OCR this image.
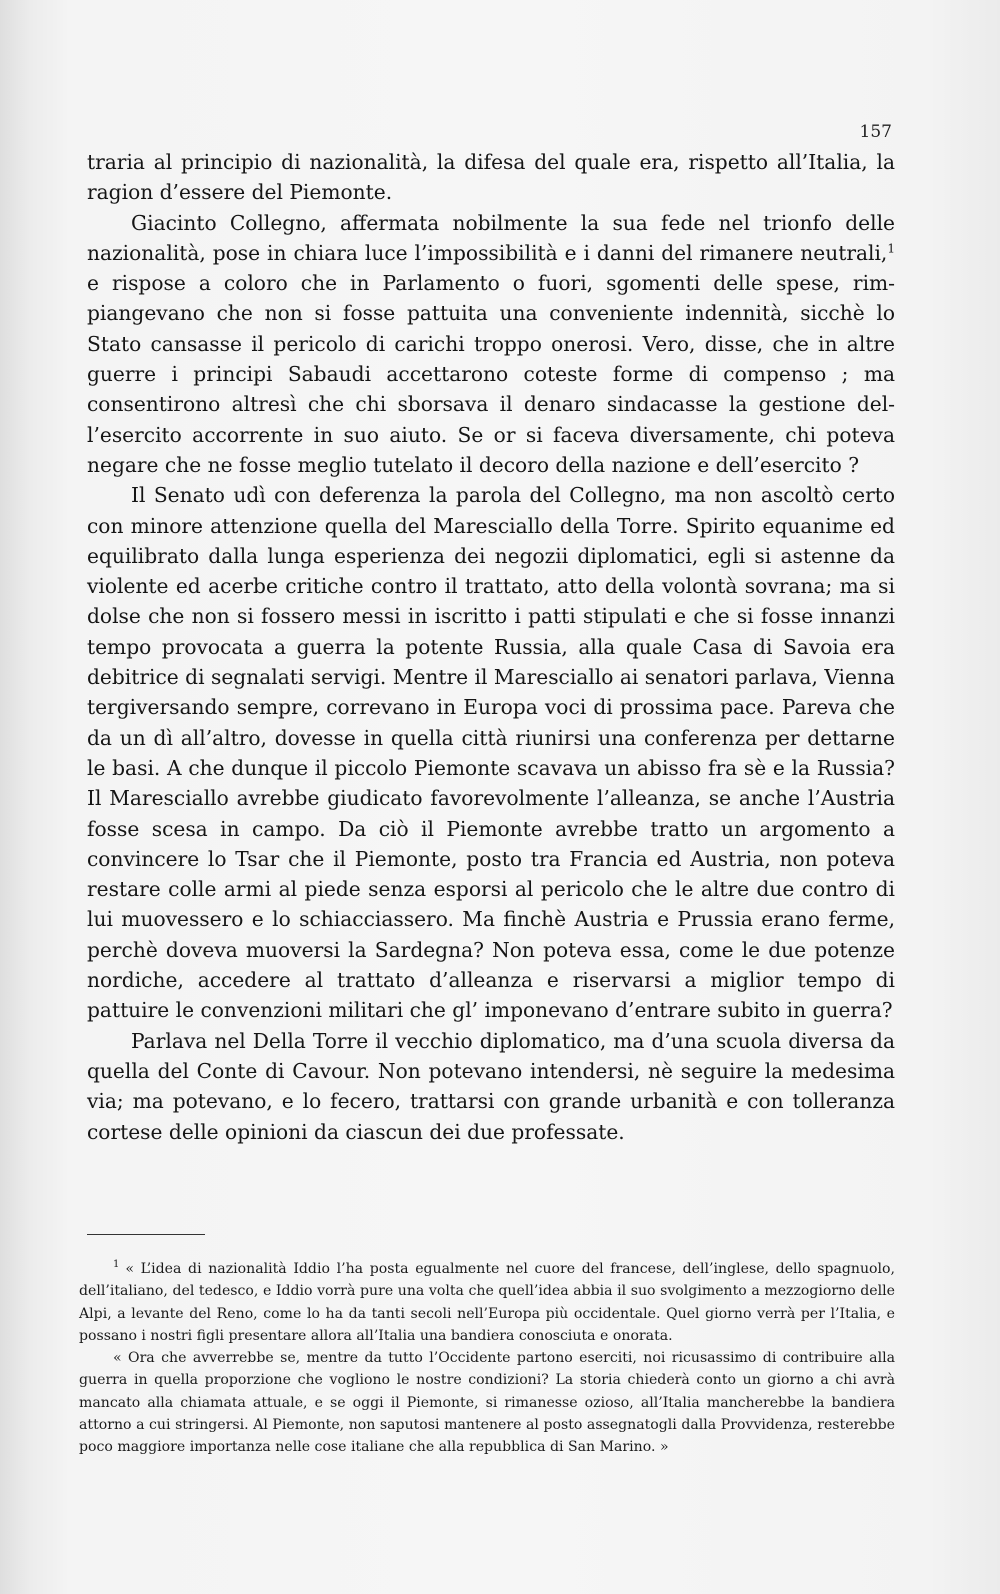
157

traria al principio di nazionalità, la difesa del quale era, rispetto all’Italia, la ragion d’essere del Piemonte.

Giacinto Collegno, affermata nobilmente la sua fede nel trionfo delle nazionalità, pose in chiara luce l’impossibilità e i danni del rimanere neutrali,$^1$ e rispose a coloro che in Parlamento o fuori, sgomenti delle spese, rimpiangevano che non si fosse pattuita una conveniente indennità, sicchè lo Stato cansasse il pericolo di carichi troppo onerosi. Vero, disse, che in altre guerre i principi Sabaudi accettarono coteste forme di compenso ; ma consentirono altresì che chi sborsava il denaro sindacasse la gestione dell’esercito accorrente in suo aiuto. Se or si faceva diversamente, chi poteva negare che ne fosse meglio tutelato il decoro della nazione e dell’esercito ?

Il Senato udì con deferenza la parola del Collegno, ma non ascoltò certo con minore attenzione quella del Maresciallo della Torre. Spirito equanime ed equilibrato dalla lunga esperienza dei negozii diplomatici, egli si astenne da violente ed acerbe critiche contro il trattato, atto della volontà sovrana; ma si dolse che non si fossero messi in iscritto i patti stipulati e che si fosse innanzi tempo provocata a guerra la potente Russia, alla quale Casa di Savoia era debitrice di segnalati servigi. Mentre il Maresciallo ai senatori parlava, Vienna tergiversando sempre, correvano in Europa voci di prossima pace. Pareva che da un dì all’altro, dovesse in quella città riunirsi una conferenza per dettarne le basi. A che dunque il piccolo Piemonte scavava un abisso fra sè e la Russia? Il Maresciallo avrebbe giudicato favorevolmente l’alleanza, se anche l’Austria fosse scesa in campo. Da ciò il Piemonte avrebbe tratto un argomento a convincere lo Tsar che il Piemonte, posto tra Francia ed Austria, non poteva restare colle armi al piede senza esporsi al pericolo che le altre due contro di lui muovessero e lo schiacciassero. Ma finchè Austria e Prussia erano ferme, perchè doveva muoversi la Sardegna? Non poteva essa, come le due potenze nordiche, accedere al trattato d’alleanza e riservarsi a miglior tempo di pattuire le convenzioni militari che gl’ imponevano d’entrare subito in guerra?

Parlava nel Della Torre il vecchio diplomatico, ma d’una scuola diversa da quella del Conte di Cavour. Non potevano intendersi, nè seguire la medesima via; ma potevano, e lo fecero, trattarsi con grande urbanità e con tolleranza cortese delle opinioni da ciascun dei due professate.

$^1$ « L’idea di nazionalità Iddio l’ha posta egualmente nel cuore del francese, dell’inglese, dello spagnuolo, dell’italiano, del tedesco, e Iddio vorrà pure una volta che quell’idea abbia il suo svolgimento a mezzogiorno delle Alpi, a levante del Reno, come lo ha da tanti secoli nell’Europa più occidentale. Quel giorno verrà per l’Italia, e possano i nostri figli presentare allora all’Italia una bandiera conosciuta e onorata.

« Ora che avverrebbe se, mentre da tutto l’Occidente partono eserciti, noi ricusassimo di contribuire alla guerra in quella proporzione che vogliono le nostre condizioni? La storia chiederà conto un giorno a chi avrà mancato alla chiamata attuale, e se oggi il Piemonte, si rimanesse ozioso, all’Italia mancherebbe la bandiera attorno a cui stringersi. Al Piemonte, non saputosi mantenere al posto assegnatogli dalla Provvidenza, resterebbe poco maggiore importanza nelle cose italiane che alla repubblica di San Marino. »
